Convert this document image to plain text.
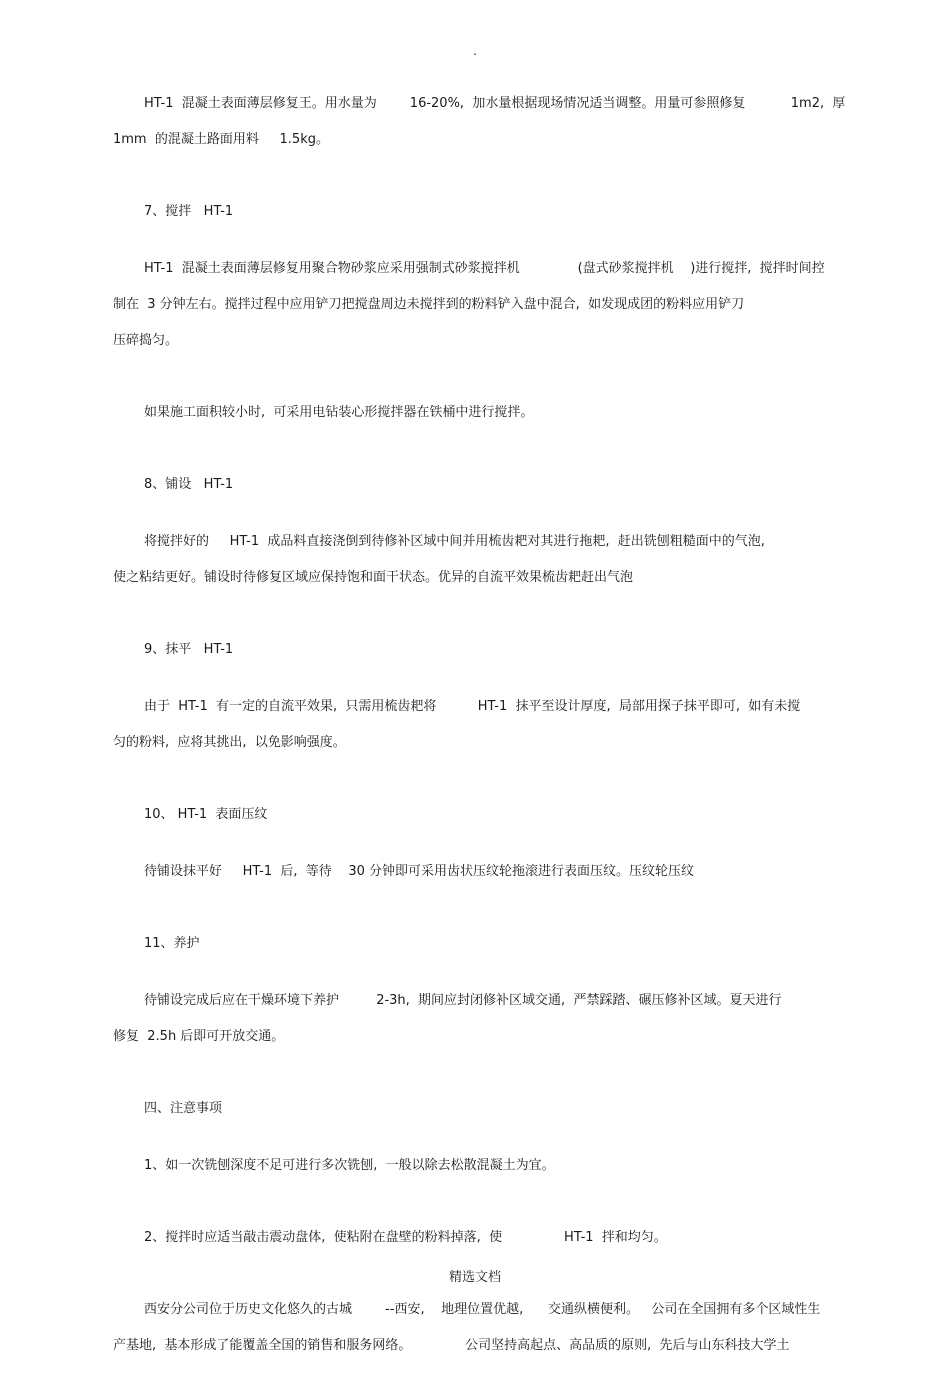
.
HT-1  混凝土表面薄层修复王。用水量为        16-20%,  加水量根据现场情况适当调整。用量可参照修复           1m2,  厚
1mm  的混凝土路面用料     1.5kg。
7、搅拌   HT-1
HT-1  混凝土表面薄层修复用聚合物砂浆应采用强制式砂浆搅拌机              (盘式砂浆搅拌机    )进行搅拌,  搅拌时间控
制在  3 分钟左右。搅拌过程中应用铲刀把搅盘周边未搅拌到的粉料铲入盘中混合,  如发现成团的粉料应用铲刀
压碎捣匀。
如果施工面积较小时,  可采用电钻装心形搅拌器在铁桶中进行搅拌。
8、铺设   HT-1
将搅拌好的     HT-1  成品料直接浇倒到待修补区域中间并用梳齿耙对其进行拖耙,  赶出铣刨粗糙面中的气泡,
使之粘结更好。铺设时待修复区域应保持饱和面干状态。优异的自流平效果梳齿耙赶出气泡
9、抹平   HT-1
由于  HT-1  有一定的自流平效果,  只需用梳齿耙将          HT-1  抹平至设计厚度,  局部用探子抹平即可,  如有未搅
匀的粉料,  应将其挑出,  以免影响强度。
10、 HT-1  表面压纹
待铺设抹平好     HT-1  后,  等待    30 分钟即可采用齿状压纹轮拖滚进行表面压纹。压纹轮压纹
11、养护
待铺设完成后应在干燥环境下养护         2-3h,  期间应封闭修补区域交通,  严禁踩踏、碾压修补区域。夏天进行
修复  2.5h 后即可开放交通。
四、注意事项
1、如一次铣刨深度不足可进行多次铣刨,  一般以除去松散混凝土为宜。
2、搅拌时应适当敲击震动盘体,  使粘附在盘壁的粉料掉落,  使               HT-1  拌和均匀。
西安分公司位于历史文化悠久的古城        --西安,    地理位置优越,      交通纵横便利。   公司在全国拥有多个区域性生
产基地,  基本形成了能覆盖全国的销售和服务网络。             公司坚持高起点、高品质的原则,  先后与山东科技大学土
精选文档
